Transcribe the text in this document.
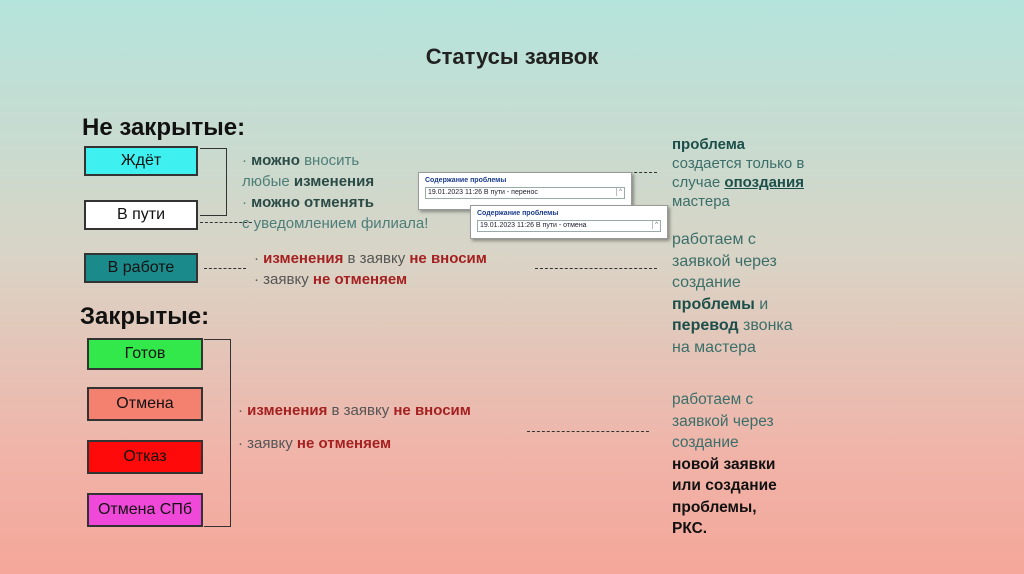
Статусы заявок
Не закрытые:
Ждёт
В пути
В работе
Закрытые:
Готов
Отмена
Отказ
Отмена СПб
· можно вносить
любые изменения
· можно отменять
с уведомлением филиала!
Содержание проблемы
19.01.2023 11:26 В пути - перенос	^
Содержание проблемы
19.01.2023 11:26 В пути - отмена	^
· изменения в заявку не вносим
· заявку не отменяем
· изменения в заявку не вносим
· заявку не отменяем
проблема
создается только в
случае опоздания
мастера
работаем с
заявкой через
создание
проблемы и
перевод звонка
на мастера
работаем с
заявкой через
создание
новой заявки
или создание
проблемы,
РКС.
